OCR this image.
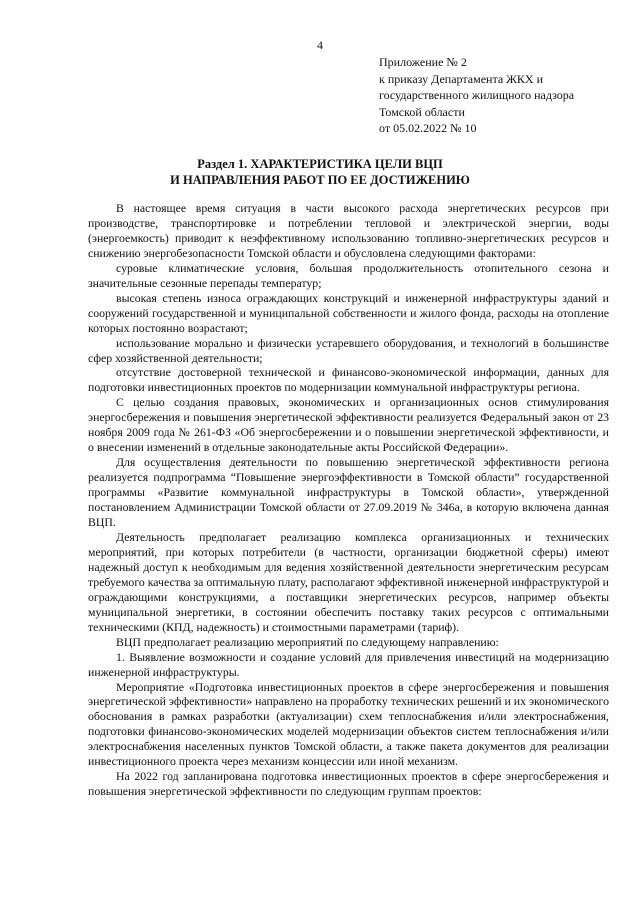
4
Приложение № 2
к приказу Департамента ЖКХ и
государственного жилищного надзора
Томской области
от 05.02.2022 № 10
Раздел 1. ХАРАКТЕРИСТИКА ЦЕЛИ ВЦП
И НАПРАВЛЕНИЯ РАБОТ ПО ЕЕ ДОСТИЖЕНИЮ

В настоящее время ситуация в части высокого расхода энергетических ресурсов при производстве, транспортировке и потреблении тепловой и электрической энергии, воды (энергоемкость) приводит к неэффективному использованию топливно-энергетических ресурсов и снижению энергобезопасности Томской области и обусловлена следующими факторами:

суровые климатические условия, большая продолжительность отопительного сезона и значительные сезонные перепады температур;

высокая степень износа ограждающих конструкций и инженерной инфраструктуры зданий и сооружений государственной и муниципальной собственности и жилого фонда, расходы на отопление которых постоянно возрастают;

использование морально и физически устаревшего оборудования, и технологий в большинстве сфер хозяйственной деятельности;

отсутствие достоверной технической и финансово-экономической информации, данных для подготовки инвестиционных проектов по модернизации коммунальной инфраструктуры региона.

С целью создания правовых, экономических и организационных основ стимулирования энергосбережения и повышения энергетической эффективности реализуется Федеральный закон от 23 ноября 2009 года № 261-ФЗ «Об энергосбережении и о повышении энергетической эффективности, и о внесении изменений в отдельные законодательные акты Российской Федерации».

Для осуществления деятельности по повышению энергетической эффективности региона реализуется подпрограмма “Повышение энергоэффективности в Томской области” государственной программы «Развитие коммунальной инфраструктуры в Томской области», утвержденной постановлением Администрации Томской области от 27.09.2019 № 346а, в которую включена данная ВЦП.

Деятельность предполагает реализацию комплекса организационных и технических мероприятий, при которых потребители (в частности, организации бюджетной сферы) имеют надежный доступ к необходимым для ведения хозяйственной деятельности энергетическим ресурсам требуемого качества за оптимальную плату, располагают эффективной инженерной инфраструктурой и ограждающими конструкциями, а поставщики энергетических ресурсов, например объекты муниципальной энергетики, в состоянии обеспечить поставку таких ресурсов с оптимальными техническими (КПД, надежность) и стоимостными параметрами (тариф).

ВЦП предполагает реализацию мероприятий по следующему направлению:

1. Выявление возможности и создание условий для привлечения инвестиций на модернизацию инженерной инфраструктуры.

Мероприятие «Подготовка инвестиционных проектов в сфере энергосбережения и повышения энергетической эффективности» направлено на проработку технических решений и их экономического обоснования в рамках разработки (актуализации) схем теплоснабжения и/или электроснабжения, подготовки финансово-экономических моделей модернизации объектов систем теплоснабжения и/или электроснабжения населенных пунктов Томской области, а также пакета документов для реализации инвестиционного проекта через механизм концессии или иной механизм.

На 2022 год запланирована подготовка инвестиционных проектов в сфере энергосбережения и повышения энергетической эффективности по следующим группам проектов:
